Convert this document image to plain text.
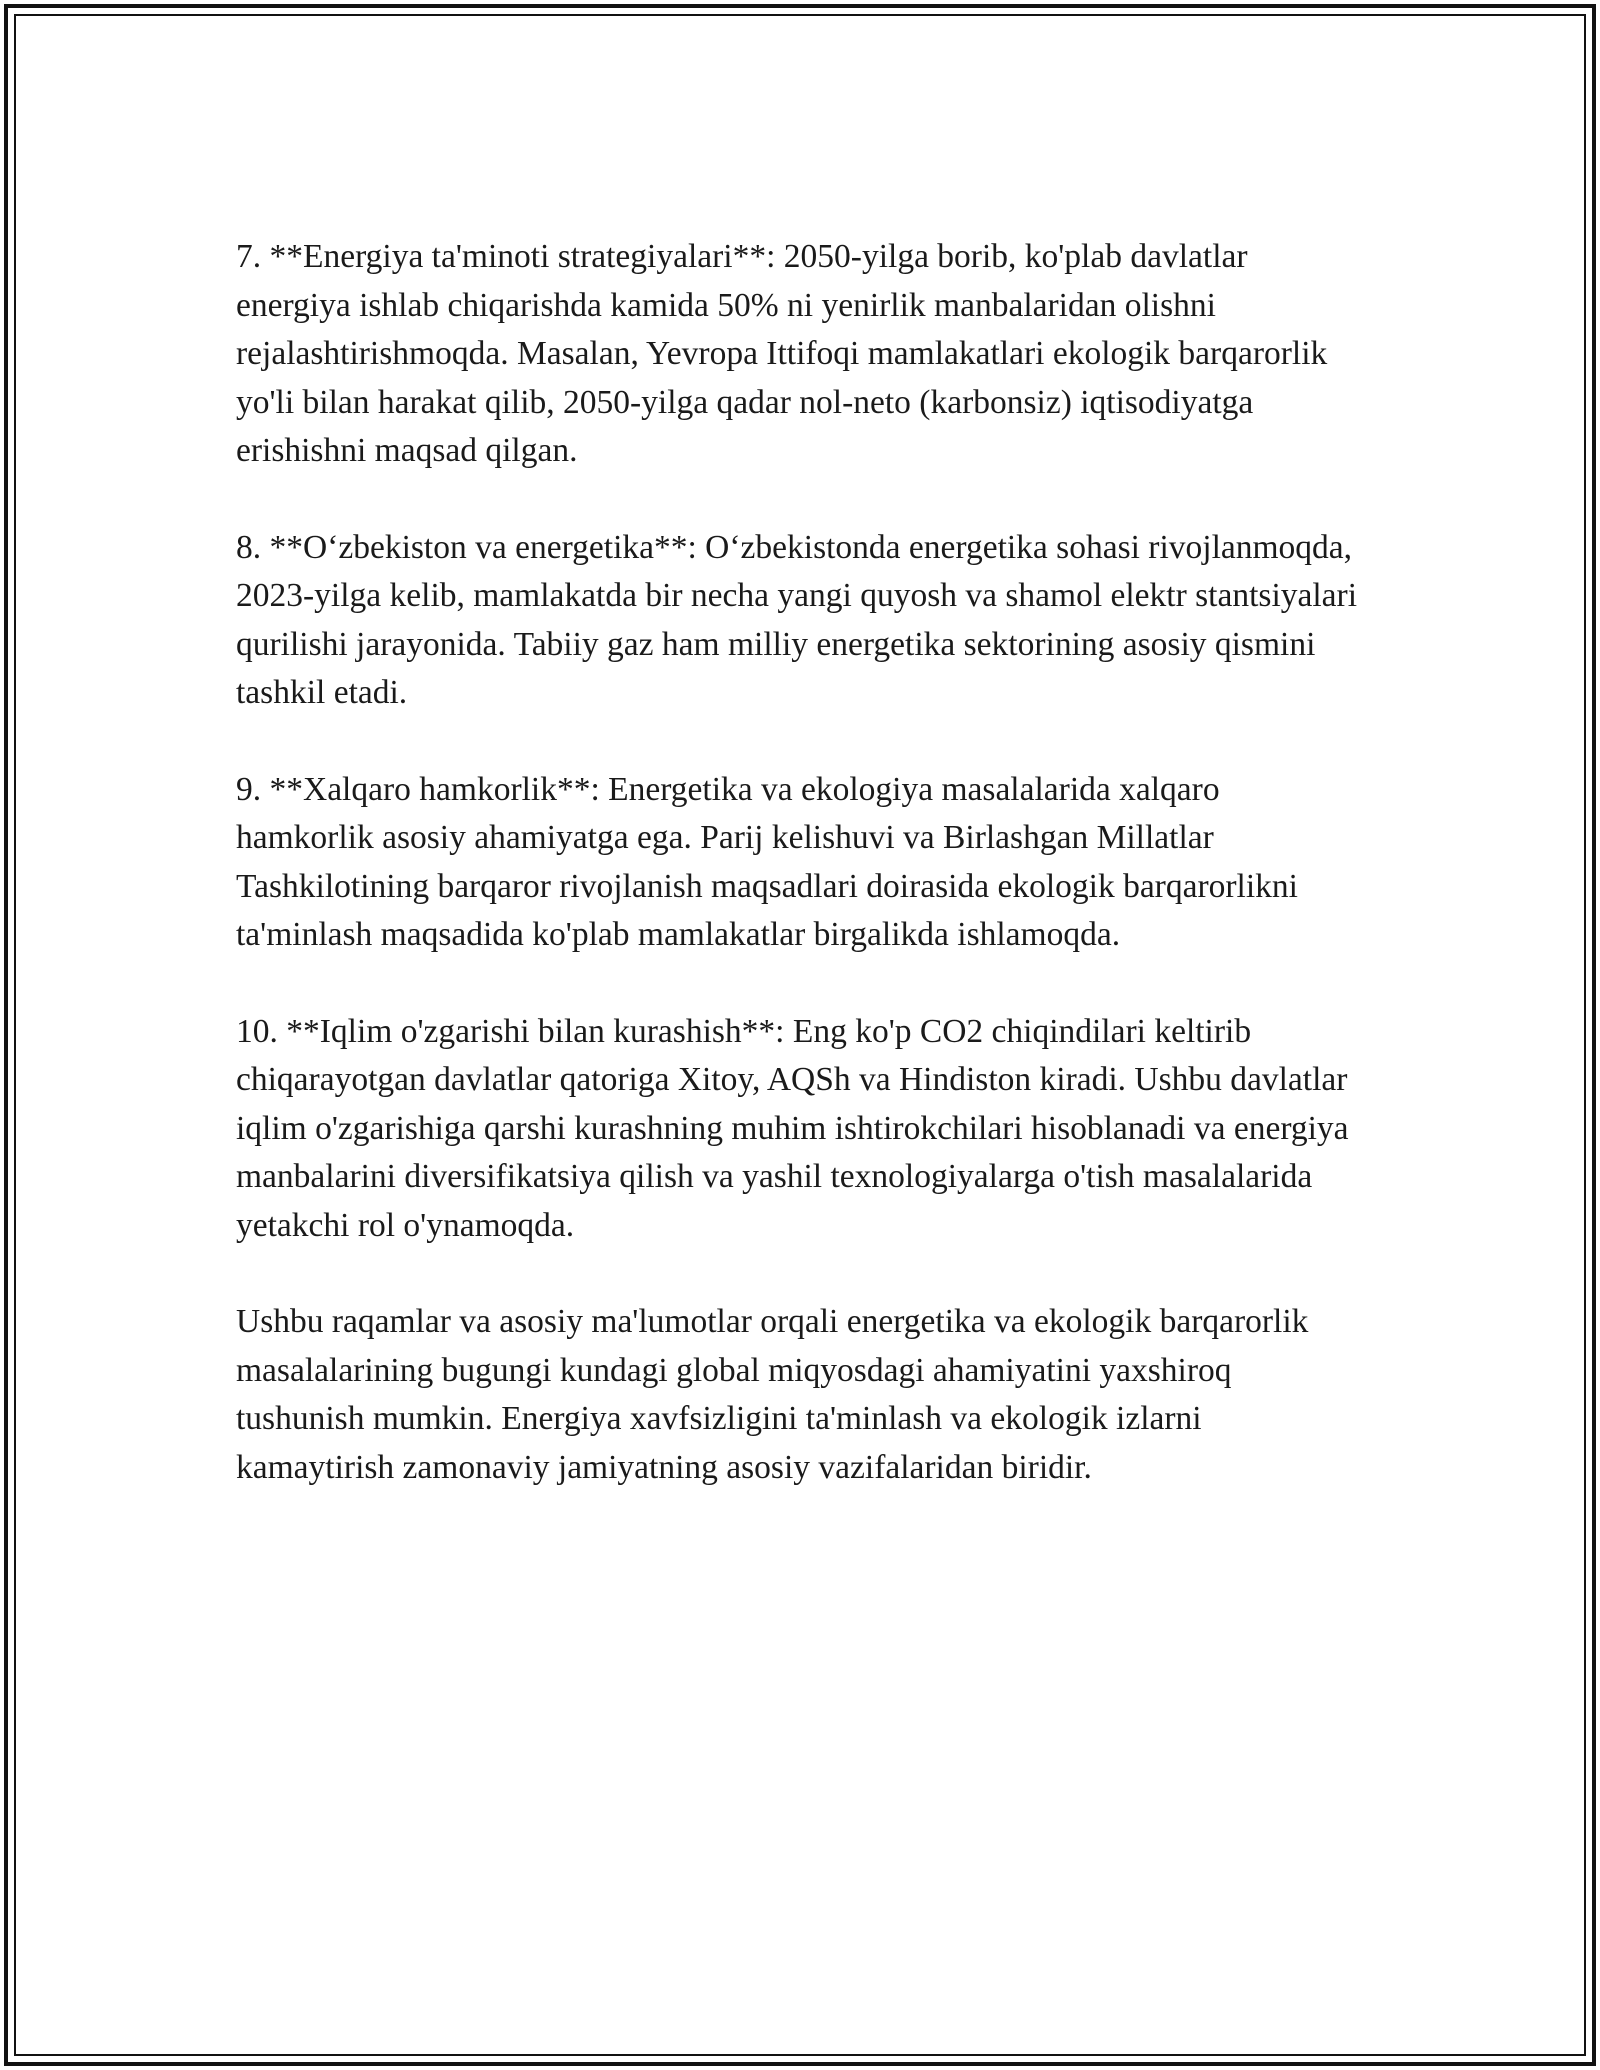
7. **Energiya ta'minoti strategiyalari**: 2050-yilga borib, ko'plab davlatlar energiya ishlab chiqarishda kamida 50% ni yenirlik manbalaridan olishni rejalashtirishmoqda. Masalan, Yevropa Ittifoqi mamlakatlari ekologik barqarorlik yo'li bilan harakat qilib, 2050-yilga qadar nol-neto (karbonsiz) iqtisodiyatga erishishni maqsad qilgan.

8. **Oʻzbekiston va energetika**: Oʻzbekistonda energetika sohasi rivojlanmoqda, 2023-yilga kelib, mamlakatda bir necha yangi quyosh va shamol elektr stantsiyalari qurilishi jarayonida. Tabiiy gaz ham milliy energetika sektorining asosiy qismini tashkil etadi.

9. **Xalqaro hamkorlik**: Energetika va ekologiya masalalarida xalqaro hamkorlik asosiy ahamiyatga ega. Parij kelishuvi va Birlashgan Millatlar Tashkilotining barqaror rivojlanish maqsadlari doirasida ekologik barqarorlikni ta'minlash maqsadida ko'plab mamlakatlar birgalikda ishlamoqda.

10. **Iqlim o'zgarishi bilan kurashish**: Eng ko'p CO2 chiqindilari keltirib chiqarayotgan davlatlar qatoriga Xitoy, AQSh va Hindiston kiradi. Ushbu davlatlar iqlim o'zgarishiga qarshi kurashning muhim ishtirokchilari hisoblanadi va energiya manbalarini diversifikatsiya qilish va yashil texnologiyalarga o'tish masalalarida yetakchi rol o'ynamoqda.

Ushbu raqamlar va asosiy ma'lumotlar orqali energetika va ekologik barqarorlik masalalarining bugungi kundagi global miqyosdagi ahamiyatini yaxshiroq tushunish mumkin. Energiya xavfsizligini ta'minlash va ekologik izlarni kamaytirish zamonaviy jamiyatning asosiy vazifalaridan biridir.
